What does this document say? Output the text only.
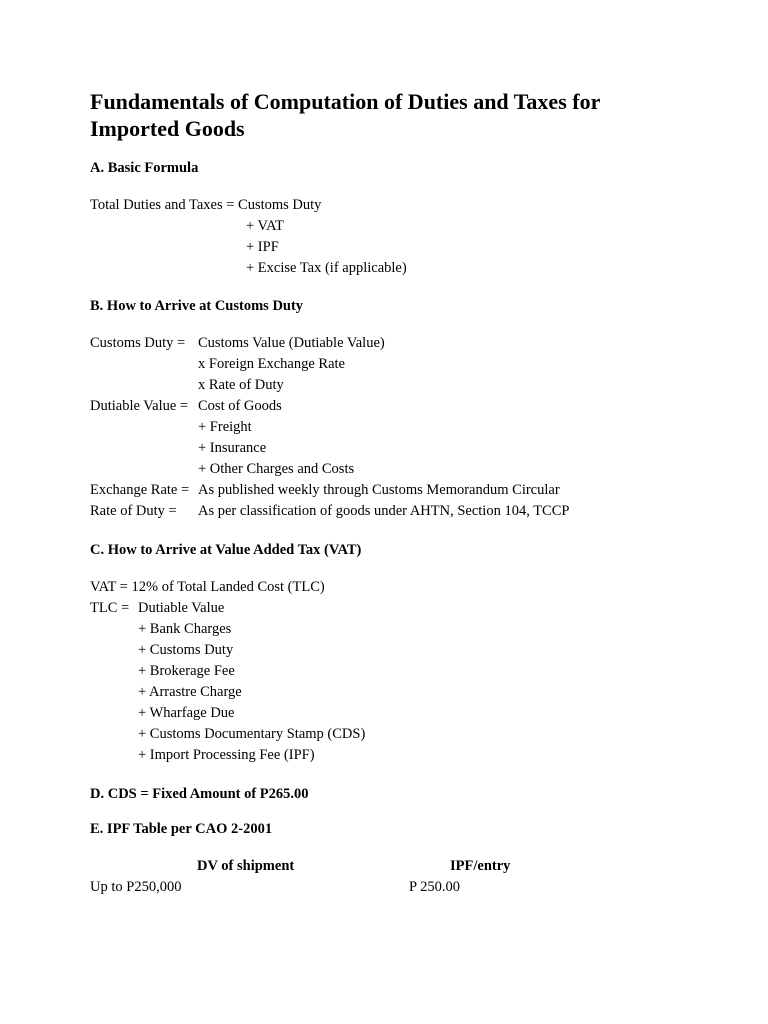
Fundamentals of Computation of Duties and Taxes for Imported Goods
A. Basic Formula
Total Duties and Taxes = Customs Duty
+ VAT
+ IPF
+ Excise Tax (if applicable)
B. How to Arrive at Customs Duty
Customs Duty = Customs Value (Dutiable Value)
x Foreign Exchange Rate
x Rate of Duty
Dutiable Value = Cost of Goods
+ Freight
+ Insurance
+ Other Charges and Costs
Exchange Rate = As published weekly through Customs Memorandum Circular
Rate of Duty = As per classification of goods under AHTN, Section 104, TCCP
C. How to Arrive at Value Added Tax (VAT)
VAT = 12% of Total Landed Cost (TLC)
TLC = Dutiable Value
+ Bank Charges
+ Customs Duty
+ Brokerage Fee
+ Arrastre Charge
+ Wharfage Due
+ Customs Documentary Stamp (CDS)
+ Import Processing Fee (IPF)
D. CDS = Fixed Amount of P265.00
E. IPF Table per CAO 2-2001
DV of shipment	IPF/entry
Up to P250,000	P 250.00
